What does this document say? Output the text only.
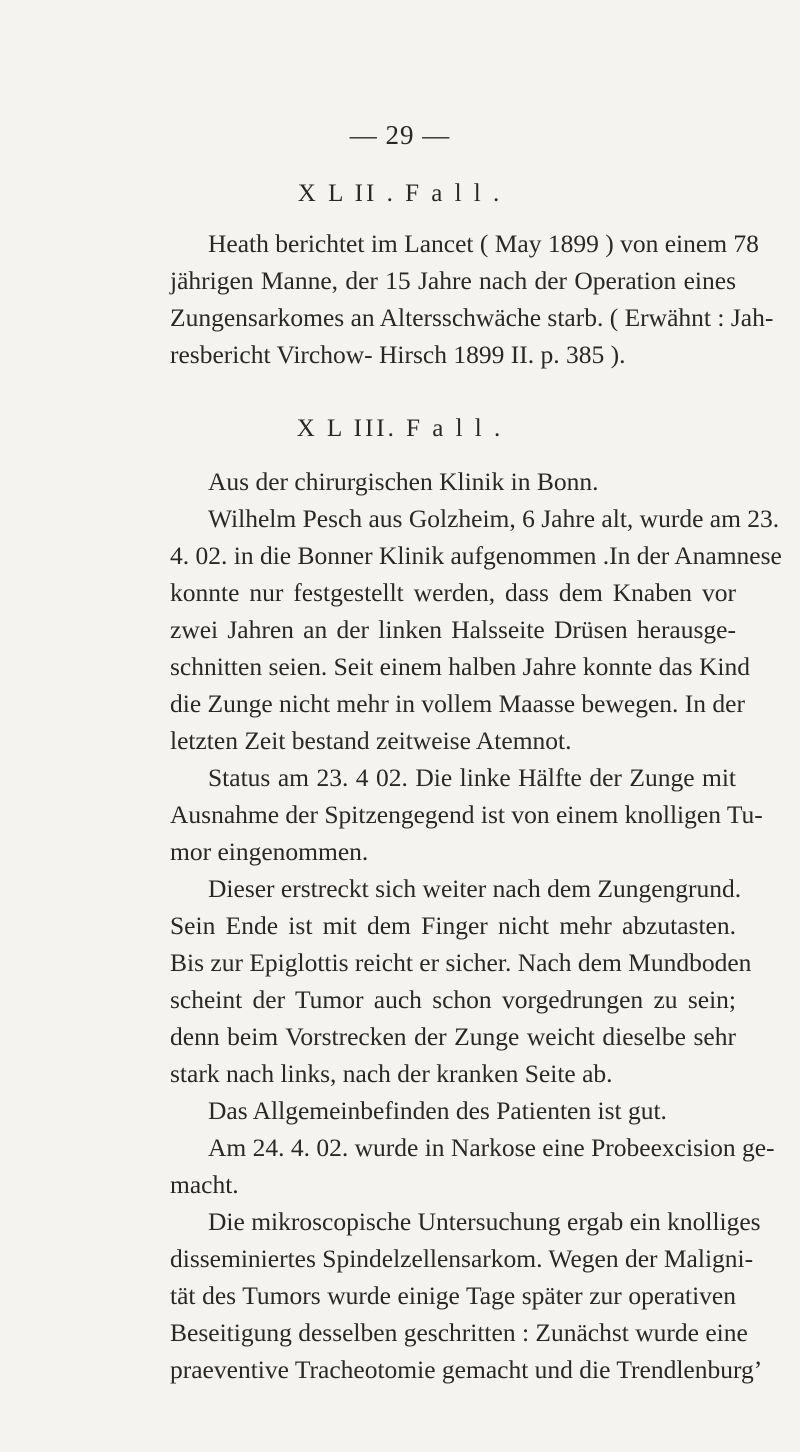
— 29 —
X L II . F a l l .
Heath berichtet im Lancet ( May 1899 ) von einem 78
jährigen Manne, der 15 Jahre nach der Operation eines
Zungensarkomes an Altersschwäche starb. ( Erwähnt : Jah-
resbericht Virchow- Hirsch 1899 II. p. 385 ).
X L III. F a l l .
Aus der chirurgischen Klinik in Bonn.
Wilhelm Pesch aus Golzheim, 6 Jahre alt, wurde am 23.
4. 02. in die Bonner Klinik aufgenommen .In der Anamnese
konnte nur festgestellt werden, dass dem Knaben vor
zwei Jahren an der linken Halsseite Drüsen herausge-
schnitten seien. Seit einem halben Jahre konnte das Kind
die Zunge nicht mehr in vollem Maasse bewegen. In der
letzten Zeit bestand zeitweise Atemnot.
Status am 23. 4 02. Die linke Hälfte der Zunge mit
Ausnahme der Spitzengegend ist von einem knolligen Tu-
mor eingenommen.
Dieser erstreckt sich weiter nach dem Zungengrund.
Sein Ende ist mit dem Finger nicht mehr abzutasten.
Bis zur Epiglottis reicht er sicher. Nach dem Mundboden
scheint der Tumor auch schon vorgedrungen zu sein;
denn beim Vorstrecken der Zunge weicht dieselbe sehr
stark nach links, nach der kranken Seite ab.
Das Allgemeinbefinden des Patienten ist gut.
Am 24. 4. 02. wurde in Narkose eine Probeexcision ge-
macht.
Die mikroscopische Untersuchung ergab ein knolliges
disseminiertes Spindelzellensarkom. Wegen der Maligni-
tät des Tumors wurde einige Tage später zur operativen
Beseitigung desselben geschritten : Zunächst wurde eine
praeventive Tracheotomie gemacht und die Trendlenburg’
